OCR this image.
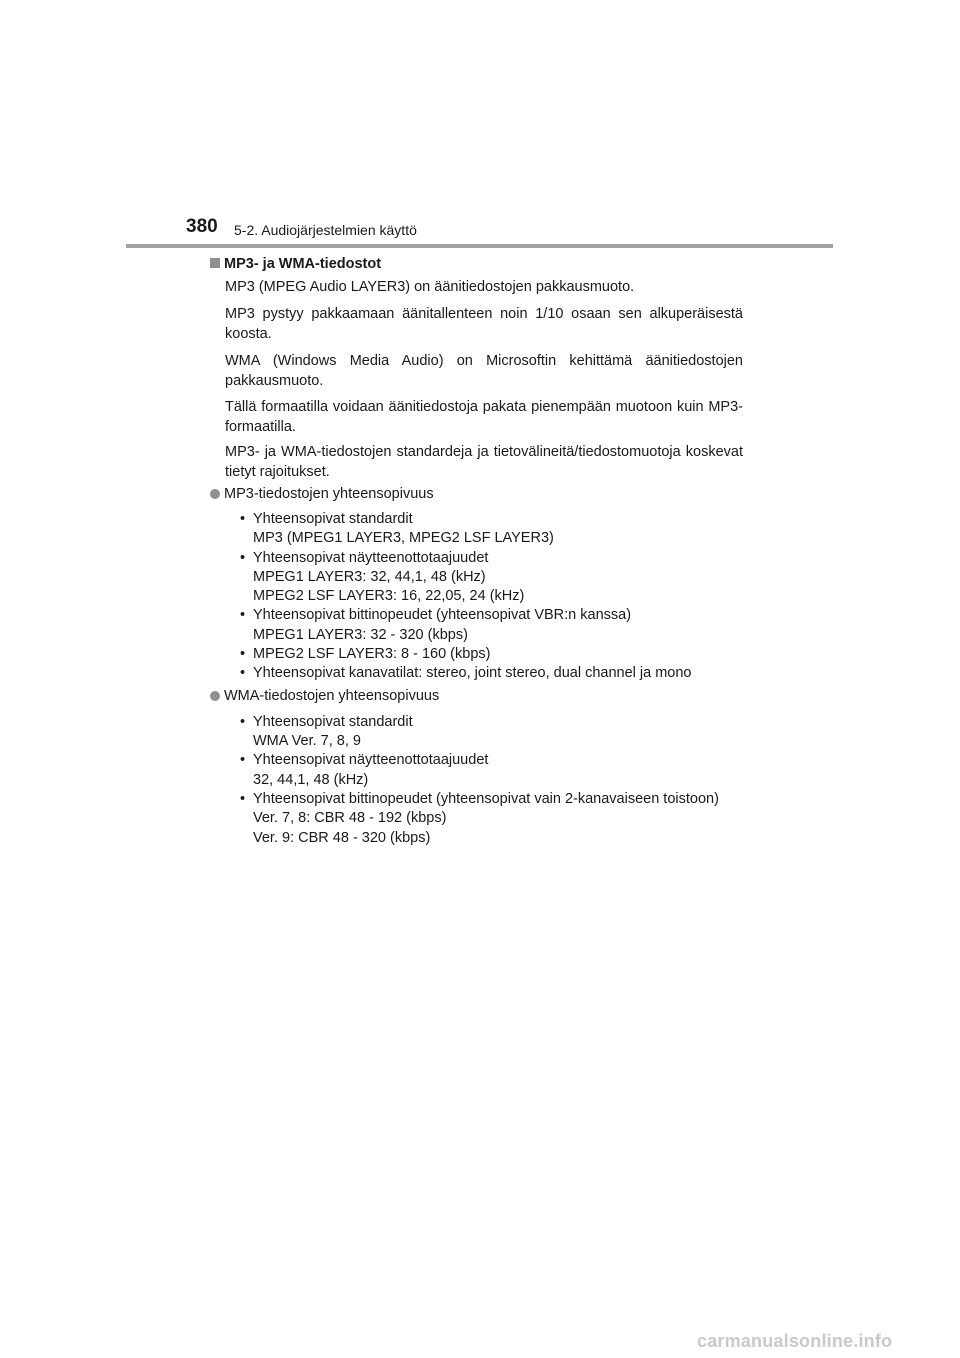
380 5-2. Audiojärjestelmien käyttö
MP3- ja WMA-tiedostot

MP3 (MPEG Audio LAYER3) on äänitiedostojen pakkausmuoto.

MP3 pystyy pakkaamaan äänitallenteen noin 1/10 osaan sen alkuperäisestä koosta.

WMA (Windows Media Audio) on Microsoftin kehittämä äänitiedostojen pakkausmuoto.

Tällä formaatilla voidaan äänitiedostoja pakata pienempään muotoon kuin MP3-formaatilla.

MP3- ja WMA-tiedostojen standardeja ja tietovälineitä/tiedostomuotoja koskevat tietyt rajoitukset.

MP3-tiedostojen yhteensopivuus
• Yhteensopivat standardit
MP3 (MPEG1 LAYER3, MPEG2 LSF LAYER3)
• Yhteensopivat näytteenottotaajuudet
MPEG1 LAYER3: 32, 44,1, 48 (kHz)
MPEG2 LSF LAYER3: 16, 22,05, 24 (kHz)
• Yhteensopivat bittinopeudet (yhteensopivat VBR:n kanssa)
MPEG1 LAYER3: 32 - 320 (kbps)
• MPEG2 LSF LAYER3: 8 - 160 (kbps)
• Yhteensopivat kanavatilat: stereo, joint stereo, dual channel ja mono
WMA-tiedostojen yhteensopivuus
• Yhteensopivat standardit
WMA Ver. 7, 8, 9
• Yhteensopivat näytteenottotaajuudet
32, 44,1, 48 (kHz)
• Yhteensopivat bittinopeudet (yhteensopivat vain 2-kanavaiseen toistoon)
Ver. 7, 8: CBR 48 - 192 (kbps)
Ver. 9: CBR 48 - 320 (kbps)
carmanualsonline.info
